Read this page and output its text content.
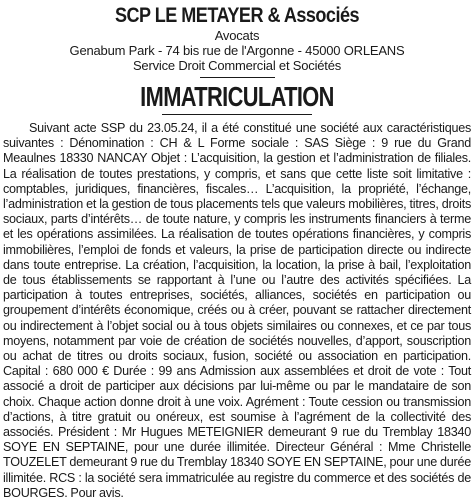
SCP LE METAYER & Associés
Avocats
Genabum Park - 74 bis rue de l'Argonne - 45000 ORLEANS
Service Droit Commercial et Sociétés
IMMATRICULATION

Suivant acte SSP du 23.05.24, il a été constitué une société aux caractéristiques suivantes : Dénomination : CH & L Forme sociale : SAS Siège : 9 rue du Grand Meaulnes 18330 NANCAY Objet : L’acquisition, la gestion et l’administration de filiales. La réalisation de toutes prestations, y compris, et sans que cette liste soit limitative : comptables, juridiques, financières, fiscales… L’acquisition, la propriété, l’échange, l’administration et la gestion de tous placements tels que valeurs mobilières, titres, droits sociaux, parts d’intérêts… de toute nature, y compris les instruments financiers à terme et les opérations assimilées. La réalisation de toutes opérations financières, y compris immobilières, l’emploi de fonds et valeurs, la prise de participation directe ou indirecte dans toute entreprise. La création, l’acquisition, la location, la prise à bail, l’exploitation de tous établissements se rapportant à l’une ou l’autre des activités spécifiées. La participation à toutes entreprises, sociétés, alliances, sociétés en participation ou groupement d’intérêts économique, créés ou à créer, pouvant se rattacher directement ou indirectement à l’objet social ou à tous objets similaires ou connexes, et ce par tous moyens, notamment par voie de création de sociétés nouvelles, d’apport, souscription ou achat de titres ou droits sociaux, fusion, société ou association en participation. Capital : 680 000 € Durée : 99 ans Admission aux assemblées et droit de vote : Tout associé a droit de participer aux décisions par lui-même ou par le mandataire de son choix. Chaque action donne droit à une voix. Agrément : Toute cession ou transmission d’actions, à titre gratuit ou onéreux, est soumise à l’agrément de la collectivité des associés. Président : Mr Hugues METEIGNIER demeurant 9 rue du Tremblay 18340 SOYE EN SEPTAINE, pour une durée illimitée. Directeur Général : Mme Christelle TOUZELET demeurant 9 rue du Tremblay 18340 SOYE EN SEPTAINE, pour une durée illimitée. RCS : la société sera immatriculée au registre du commerce et des sociétés de BOURGES. Pour avis.
